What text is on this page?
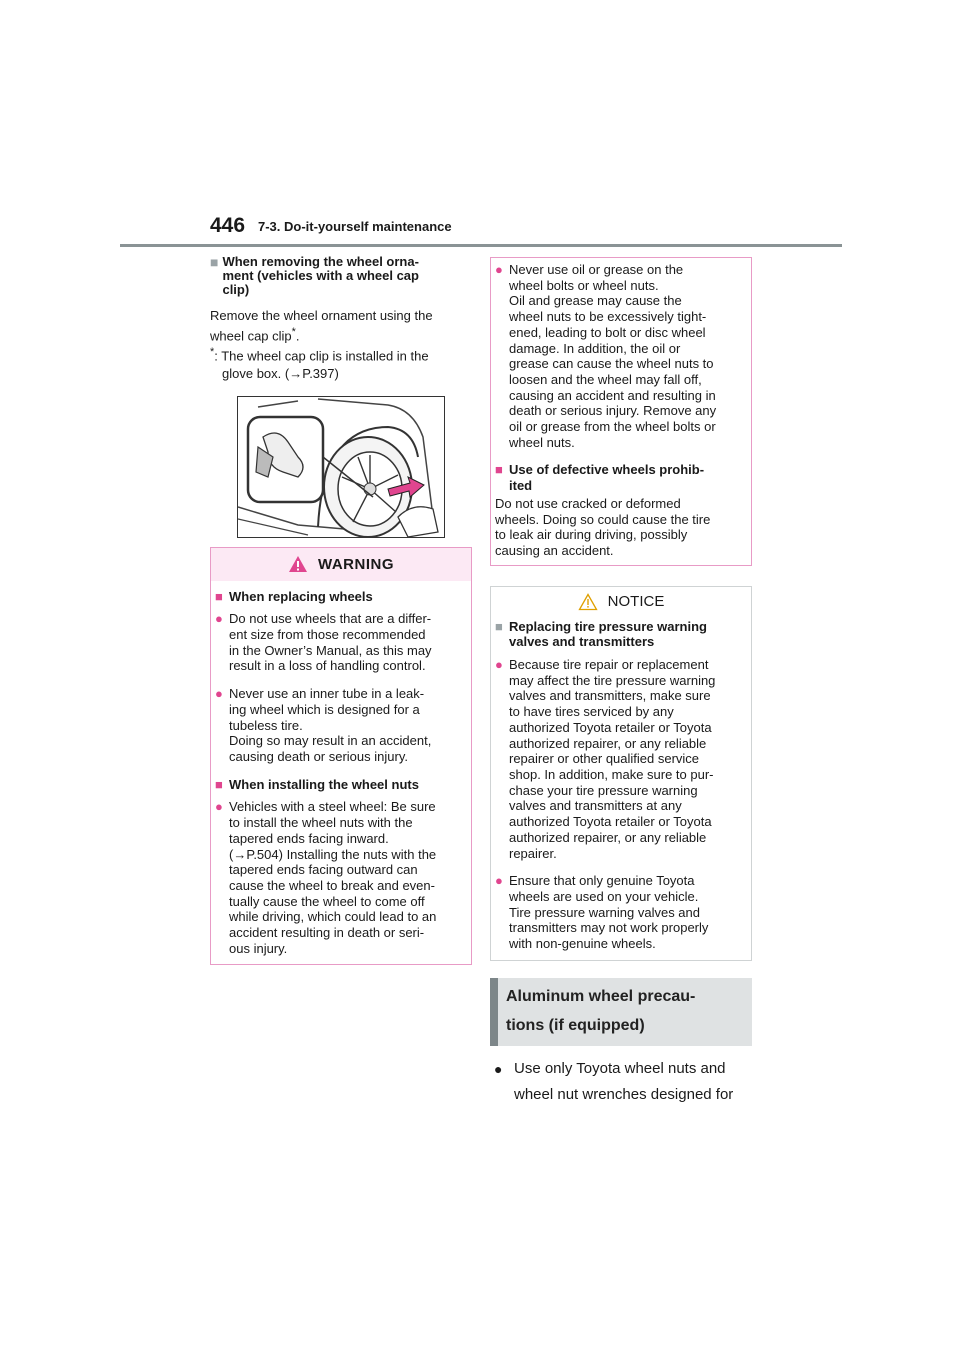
446 7-3. Do-it-yourself maintenance
■ When removing the wheel orna-
ment (vehicles with a wheel cap
clip)
Remove the wheel ornament using the
wheel cap clip*.
*: The wheel cap clip is installed in the
glove box. (→P.397)
WARNING
■ When replacing wheels
● Do not use wheels that are a differ-
ent size from those recommended
in the Owner’s Manual, as this may
result in a loss of handling control.
● Never use an inner tube in a leak-
ing wheel which is designed for a
tubeless tire.
Doing so may result in an accident,
causing death or serious injury.
■ When installing the wheel nuts
● Vehicles with a steel wheel: Be sure
to install the wheel nuts with the
tapered ends facing inward.
(→P.504) Installing the nuts with the
tapered ends facing outward can
cause the wheel to break and even-
tually cause the wheel to come off
while driving, which could lead to an
accident resulting in death or seri-
ous injury.
● Never use oil or grease on the
wheel bolts or wheel nuts.
Oil and grease may cause the
wheel nuts to be excessively tight-
ened, leading to bolt or disc wheel
damage. In addition, the oil or
grease can cause the wheel nuts to
loosen and the wheel may fall off,
causing an accident and resulting in
death or serious injury. Remove any
oil or grease from the wheel bolts or
wheel nuts.
■ Use of defective wheels prohib-
ited
Do not use cracked or deformed
wheels. Doing so could cause the tire
to leak air during driving, possibly
causing an accident.
NOTICE
■ Replacing tire pressure warning
valves and transmitters
● Because tire repair or replacement
may affect the tire pressure warning
valves and transmitters, make sure
to have tires serviced by any
authorized Toyota retailer or Toyota
authorized repairer, or any reliable
repairer or other qualified service
shop. In addition, make sure to pur-
chase your tire pressure warning
valves and transmitters at any
authorized Toyota retailer or Toyota
authorized repairer, or any reliable
repairer.
● Ensure that only genuine Toyota
wheels are used on your vehicle.
Tire pressure warning valves and
transmitters may not work properly
with non-genuine wheels.
Aluminum wheel precau-
tions (if equipped)
● Use only Toyota wheel nuts and
wheel nut wrenches designed for
